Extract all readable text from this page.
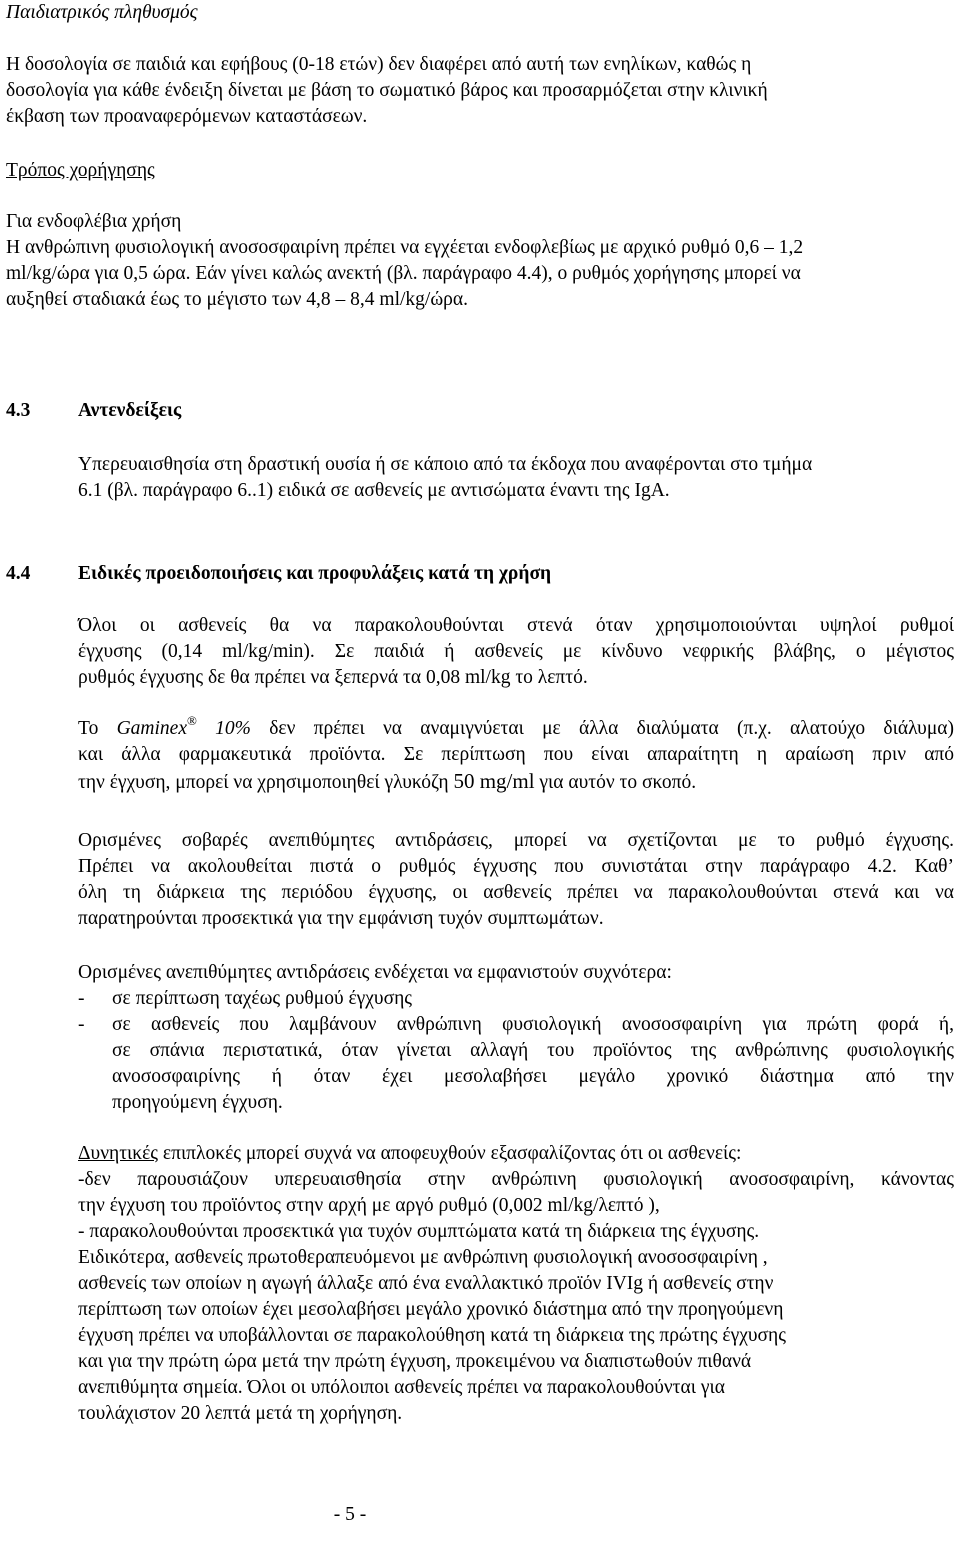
Παιδιατρικός πληθυσμός
Η δοσολογία σε παιδιά και εφήβους (0-18 ετών) δεν διαφέρει από αυτή των ενηλίκων, καθώς η
δοσολογία για κάθε ένδειξη δίνεται με βάση το σωματικό βάρος και προσαρμόζεται στην κλινική
έκβαση των προαναφερόμενων καταστάσεων.
Τρόπος χορήγησης
Για ενδοφλέβια χρήση
Η ανθρώπινη φυσιολογική ανοσοσφαιρίνη πρέπει να εγχέεται ενδοφλεβίως με αρχικό ρυθμό 0,6 – 1,2
ml/kg/ώρα για 0,5 ώρα. Εάν γίνει καλώς ανεκτή (βλ. παράγραφο 4.4), ο ρυθμός χορήγησης μπορεί να
αυξηθεί σταδιακά έως το μέγιστο των 4,8 – 8,4 ml/kg/ώρα.
4.3 Αντενδείξεις
Υπερευαισθησία στη δραστική ουσία ή σε κάποιο από τα έκδοχα που αναφέρονται στο τμήμα
6.1 (βλ. παράγραφο 6..1) ειδικά σε ασθενείς με αντισώματα έναντι της IgA.
4.4 Ειδικές προειδοποιήσεις και προφυλάξεις κατά τη χρήση
Όλοι οι ασθενείς θα να παρακολουθούνται στενά όταν χρησιμοποιούνται υψηλοί ρυθμοί
έγχυσης (0,14 ml/kg/min). Σε παιδιά ή ασθενείς με κίνδυνο νεφρικής βλάβης, ο μέγιστος
ρυθμός έγχυσης δε θα πρέπει να ξεπερνά τα 0,08 ml/kg το λεπτό.
Το Gaminex® 10% δεν πρέπει να αναμιγνύεται με άλλα διαλύματα (π.χ. αλατούχο διάλυμα)
και άλλα φαρμακευτικά προϊόντα. Σε περίπτωση που είναι απαραίτητη η αραίωση πριν από
την έγχυση, μπορεί να χρησιμοποιηθεί γλυκόζη 50 mg/ml για αυτόν το σκοπό.
Ορισμένες σοβαρές ανεπιθύμητες αντιδράσεις, μπορεί να σχετίζονται με το ρυθμό έγχυσης.
Πρέπει να ακολουθείται πιστά ο ρυθμός έγχυσης που συνιστάται στην παράγραφο 4.2. Καθ’
όλη τη διάρκεια της περιόδου έγχυσης, οι ασθενείς πρέπει να παρακολουθούνται στενά και να
παρατηρούνται προσεκτικά για την εμφάνιση τυχόν συμπτωμάτων.
Ορισμένες ανεπιθύμητες αντιδράσεις ενδέχεται να εμφανιστούν συχνότερα:
- σε περίπτωση ταχέως ρυθμού έγχυσης
- σε ασθενείς που λαμβάνουν ανθρώπινη φυσιολογική ανοσοσφαιρίνη για πρώτη φορά ή,
σε σπάνια περιστατικά, όταν γίνεται αλλαγή του προϊόντος της ανθρώπινης φυσιολογικής
ανοσοσφαιρίνης ή όταν έχει μεσολαβήσει μεγάλο χρονικό διάστημα από την
προηγούμενη έγχυση.
Δυνητικές επιπλοκές μπορεί συχνά να αποφευχθούν εξασφαλίζοντας ότι οι ασθενείς:
-δεν παρουσιάζουν υπερευαισθησία στην ανθρώπινη φυσιολογική ανοσοσφαιρίνη, κάνοντας
την έγχυση του προϊόντος στην αρχή με αργό ρυθμό (0,002 ml/kg/λεπτό ),
- παρακολουθούνται προσεκτικά για τυχόν συμπτώματα κατά τη διάρκεια της έγχυσης.
Ειδικότερα, ασθενείς πρωτοθεραπευόμενοι με ανθρώπινη φυσιολογική ανοσοσφαιρίνη ,
ασθενείς των οποίων η αγωγή άλλαξε από ένα εναλλακτικό προϊόν IVIg ή ασθενείς στην
περίπτωση των οποίων έχει μεσολαβήσει μεγάλο χρονικό διάστημα από την προηγούμενη
έγχυση πρέπει να υποβάλλονται σε παρακολούθηση κατά τη διάρκεια της πρώτης έγχυσης
και για την πρώτη ώρα μετά την πρώτη έγχυση, προκειμένου να διαπιστωθούν πιθανά
ανεπιθύμητα σημεία. Όλοι οι υπόλοιποι ασθενείς πρέπει να παρακολουθούνται για
τουλάχιστον 20 λεπτά μετά τη χορήγηση.
- 5 -
